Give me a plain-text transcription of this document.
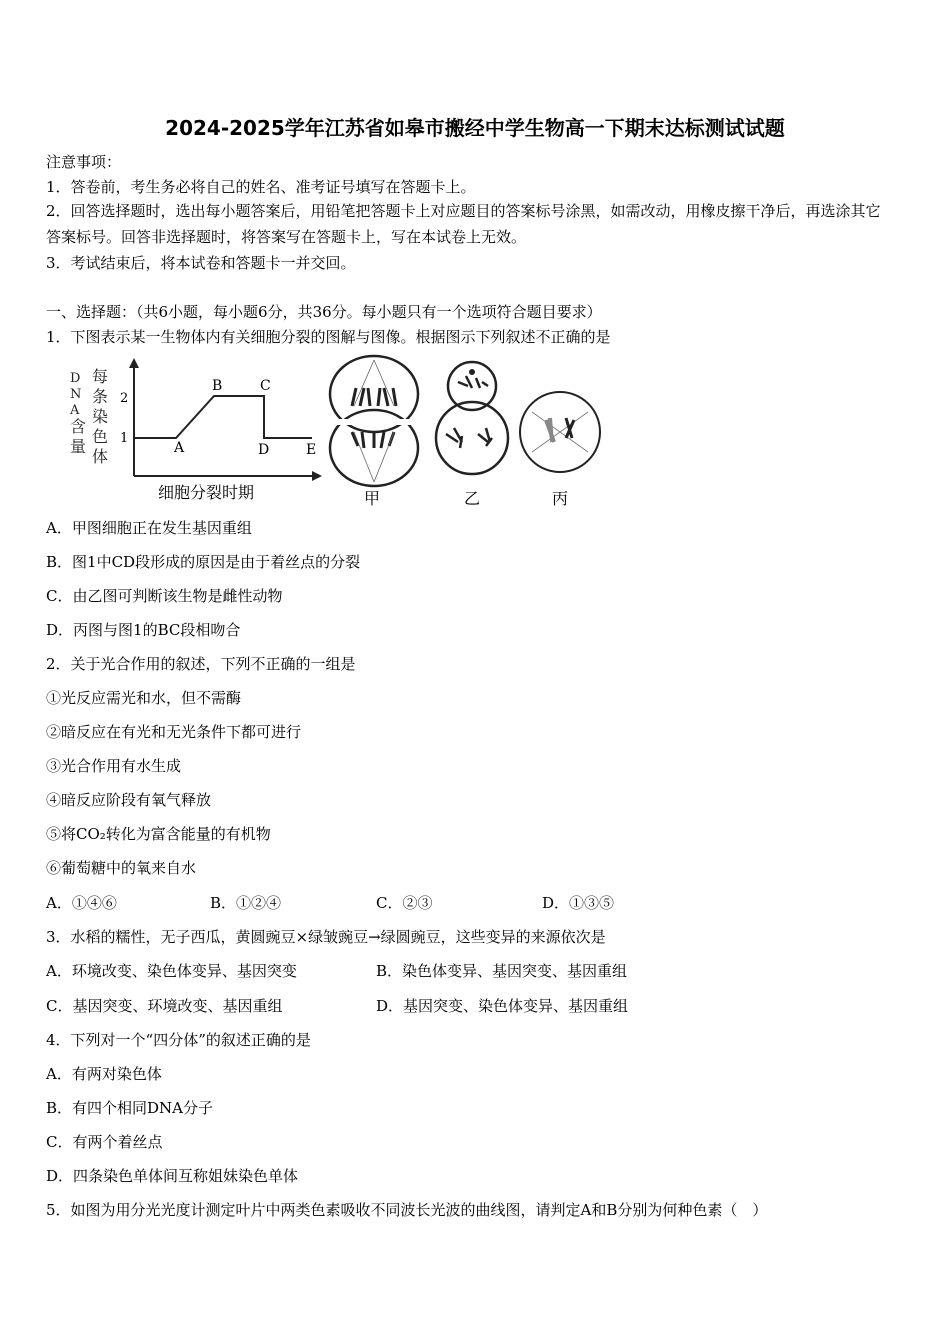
2024-2025学年江苏省如皋市搬经中学生物高一下期末达标测试试题
注意事项：
1．答卷前，考生务必将自己的姓名、准考证号填写在答题卡上。
2．回答选择题时，选出每小题答案后，用铅笔把答题卡上对应题目的答案标号涂黑，如需改动，用橡皮擦干净后，再选涂其它答案标号。回答非选择题时，将答案写在答题卡上，写在本试卷上无效。
3．考试结束后，将本试卷和答题卡一并交回。
一、选择题：（共6小题，每小题6分，共36分。每小题只有一个选项符合题目要求）
1．下图表示某一生物体内有关细胞分裂的图解与图像。根据图示下列叙述不正确的是
每
条
染
色
体
D
N
A
含
量
2
1
A
B	C
D	E
细胞分裂时期	甲	乙	丙
A．甲图细胞正在发生基因重组
B．图1中CD段形成的原因是由于着丝点的分裂
C．由乙图可判断该生物是雌性动物
D．丙图与图1的BC段相吻合
2．关于光合作用的叙述，下列不正确的一组是
①光反应需光和水，但不需酶
②暗反应在有光和无光条件下都可进行
③光合作用有水生成
④暗反应阶段有氧气释放
⑤将CO₂转化为富含能量的有机物
⑥葡萄糖中的氧来自水
A．①④⑥	B．①②④	C．②③	D．①③⑤
3．水稻的糯性，无子西瓜，黄圆豌豆×绿皱豌豆→绿圆豌豆，这些变异的来源依次是
A．环境改变、染色体变异、基因突变	B．染色体变异、基因突变、基因重组
C．基因突变、环境改变、基因重组	D．基因突变、染色体变异、基因重组
4．下列对一个“四分体”的叙述正确的是
A．有两对染色体
B．有四个相同DNA分子
C．有两个着丝点
D．四条染色单体间互称姐妹染色单体
5．如图为用分光光度计测定叶片中两类色素吸收不同波长光波的曲线图，请判定A和B分别为何种色素（　）
